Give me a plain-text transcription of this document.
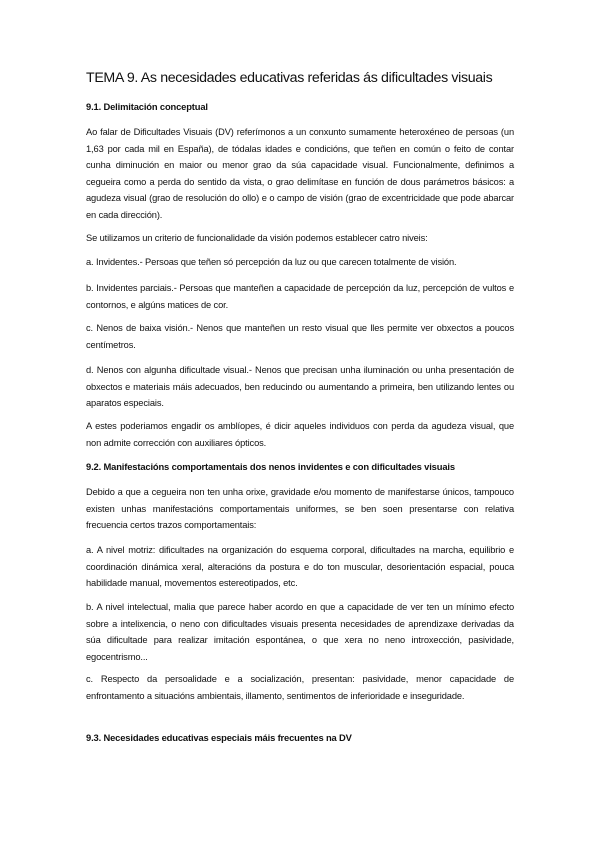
TEMA 9. As necesidades educativas referidas ás dificultades visuais
9.1. Delimitación conceptual

Ao falar de Dificultades Visuais (DV) referímonos a un conxunto sumamente heteroxéneo de persoas (un 1,63 por cada mil en España), de tódalas idades e condicións, que teñen en común o feito de contar cunha diminución en maior ou menor grao da súa capacidade visual. Funcionalmente, definimos a cegueira como a perda do sentido da vista, o grao delimítase en función de dous parámetros básicos: a agudeza visual (grao de resolución do ollo) e o campo de visión (grao de excentricidade que pode abarcar en cada dirección).

Se utilizamos un criterio de funcionalidade da visión podemos establecer catro niveis:

a. Invidentes.- Persoas que teñen só percepción da luz ou que carecen totalmente de visión.

b. Invidentes parciais.- Persoas que manteñen a capacidade de percepción da luz, percepción de vultos e contornos, e algúns matices de cor.

c. Nenos de baixa visión.- Nenos que manteñen un resto visual que lles permite ver obxectos a poucos centímetros.

d. Nenos con algunha dificultade visual.- Nenos que precisan unha iluminación ou unha presentación de obxectos e materiais máis adecuados, ben reducindo ou aumentando a primeira, ben utilizando lentes ou aparatos especiais.

A estes poderiamos engadir os amblíopes, é dicir aqueles individuos con perda da agudeza visual, que non admite corrección con auxiliares ópticos.

9.2. Manifestacións comportamentais dos nenos invidentes e con dificultades visuais

Debido a que a cegueira non ten unha orixe, gravidade e/ou momento de manifestarse únicos, tampouco existen unhas manifestacións comportamentais uniformes, se ben soen presentarse con relativa frecuencia certos trazos comportamentais:

a. A nivel motriz: dificultades na organización do esquema corporal, dificultades na marcha, equilibrio e coordinación dinámica xeral, alteracións da postura e do ton muscular, desorientación espacial, pouca habilidade manual, movementos estereotipados, etc.

b. A nivel intelectual, malia que parece haber acordo en que a capacidade de ver ten un mínimo efecto sobre a intelixencia, o neno con dificultades visuais presenta necesidades de aprendizaxe derivadas da súa dificultade para realizar imitación espontánea, o que xera no neno introxección, pasividade, egocentrismo...

c. Respecto da persoalidade e a socialización, presentan: pasividade, menor capacidade de enfrontamento a situacións ambientais, illamento, sentimentos de inferioridade e inseguridade.

9.3. Necesidades educativas especiais máis frecuentes na DV
